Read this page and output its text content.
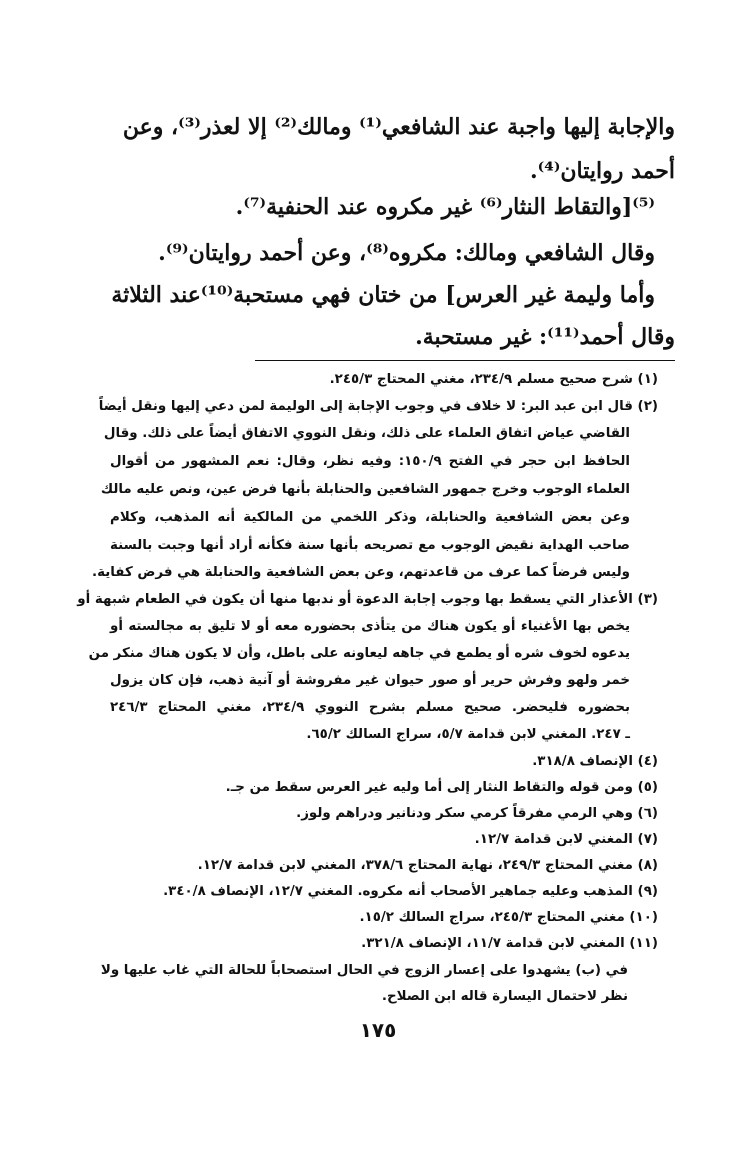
والإجابة إليها واجبة عند الشافعي⁽¹⁾ ومالك⁽²⁾ إلا لعذر⁽³⁾، وعن
أحمد روايتان⁽⁴⁾.
⁽⁵⁾[والتقاط النثار⁽⁶⁾ غير مكروه عند الحنفية⁽⁷⁾.
وقال الشافعي ومالك: مكروه⁽⁸⁾، وعن أحمد روايتان⁽⁹⁾.
وأما وليمة غير العرس] من ختان فهي مستحبة⁽¹⁰⁾عند الثلاثة
وقال أحمد⁽¹¹⁾: غير مستحبة.
(١) شرح صحيح مسلم ٢٣٤/٩، مغني المحتاج ٢٤٥/٣.
(٢) قال ابن عبد البر: لا خلاف في وجوب الإجابة إلى الوليمة لمن دعي إليها ونقل أيضاً
القاضي عياض اتفاق العلماء على ذلك، ونقل النووي الاتفاق أيضاً على ذلك. وقال
الحافظ ابن حجر في الفتح ١٥٠/٩: وفيه نظر، وقال: نعم المشهور من أقوال
العلماء الوجوب وخرج جمهور الشافعين والحنابلة بأنها فرض عين، ونص عليه مالك
وعن بعض الشافعية والحنابلة، وذكر اللخمي من المالكية أنه المذهب، وكلام
صاحب الهداية نقيض الوجوب مع تصريحه بأنها سنة فكأنه أراد أنها وجبت بالسنة
وليس فرضاً كما عرف من قاعدتهم، وعن بعض الشافعية والحنابلة هي فرض كفاية.
(٣) الأعذار التي يسقط بها وجوب إجابة الدعوة أو ندبها منها أن يكون في الطعام شبهة أو
يخص بها الأغنياء أو يكون هناك من يتأذى بحضوره معه أو لا تليق به مجالسته أو
يدعوه لخوف شره أو يطمع في جاهه ليعاونه على باطل، وأن لا يكون هناك منكر من
خمر ولهو وفرش حرير أو صور حيوان غير مفروشة أو آنية ذهب، فإن كان يزول
بحضوره فليحضر. صحيح مسلم بشرح النووي ٢٣٤/٩، مغني المحتاج ٢٤٦/٣
ـ ٢٤٧. المغني لابن قدامة ٥/٧، سراج السالك ٦٥/٢.
(٤) الإنصاف ٣١٨/٨.
(٥) ومن قوله والتقاط النثار إلى أما وليه غير العرس سقط من جـ.
(٦) وهي الرمي مفرقاً كرمي سكر ودنانير ودراهم ولوز.
(٧) المغني لابن قدامة ١٢/٧.
(٨) مغني المحتاج ٢٤٩/٣، نهاية المحتاج ٣٧٨/٦، المغني لابن قدامة ١٢/٧.
(٩) المذهب وعليه جماهير الأصحاب أنه مكروه. المغني ١٢/٧، الإنصاف ٣٤٠/٨.
(١٠) مغني المحتاج ٢٤٥/٣، سراج السالك ١٥/٢.
(١١) المغني لابن قدامة ١١/٧، الإنصاف ٣٢١/٨.
في (ب) يشهدوا على إعسار الزوج في الحال استصحاباً للحالة التي غاب عليها ولا
نظر لاحتمال اليسارة قاله ابن الصلاح.
١٧٥
